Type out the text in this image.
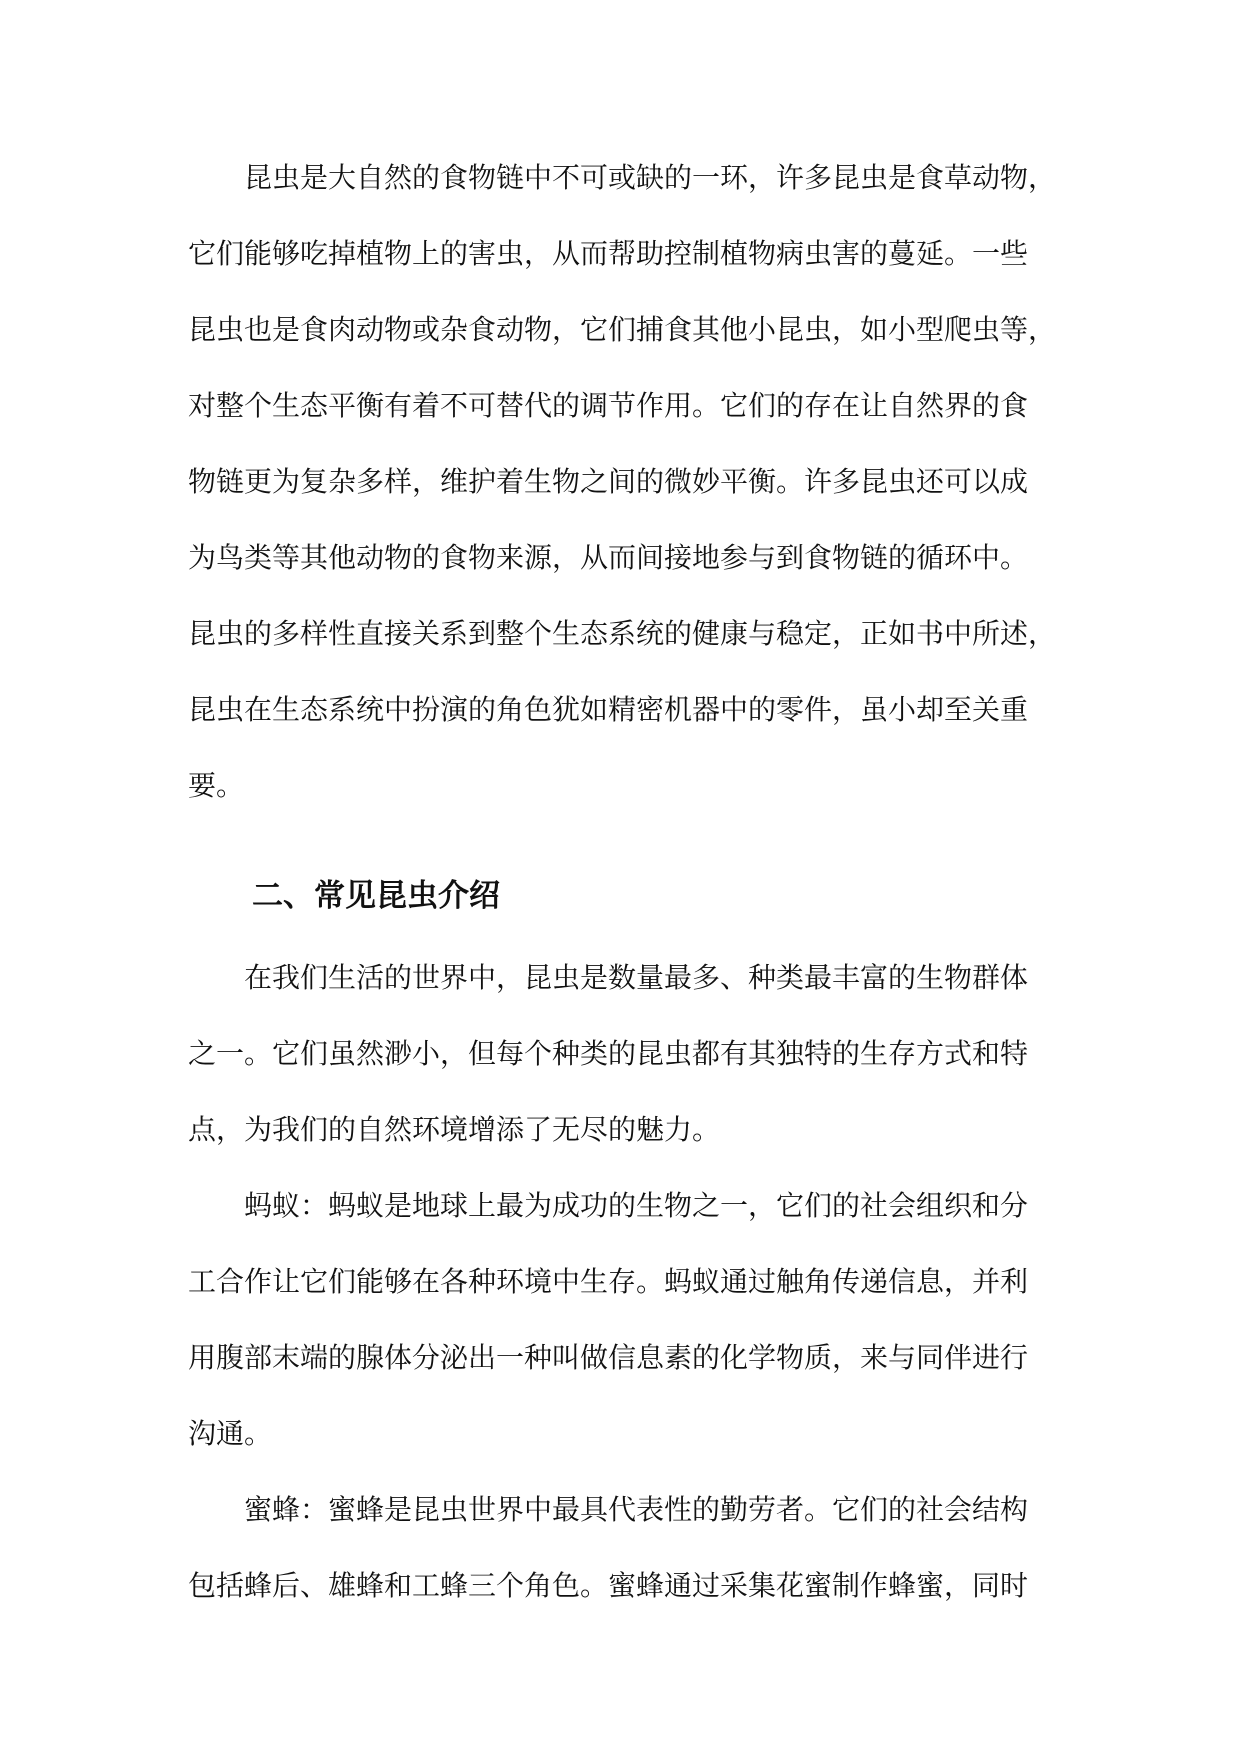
昆虫是大自然的食物链中不可或缺的一环，许多昆虫是食草动物，
它们能够吃掉植物上的害虫，从而帮助控制植物病虫害的蔓延。一些
昆虫也是食肉动物或杂食动物，它们捕食其他小昆虫，如小型爬虫等，
对整个生态平衡有着不可替代的调节作用。它们的存在让自然界的食
物链更为复杂多样，维护着生物之间的微妙平衡。许多昆虫还可以成
为鸟类等其他动物的食物来源，从而间接地参与到食物链的循环中。
昆虫的多样性直接关系到整个生态系统的健康与稳定，正如书中所述，
昆虫在生态系统中扮演的角色犹如精密机器中的零件，虽小却至关重
要。

二、常见昆虫介绍

在我们生活的世界中，昆虫是数量最多、种类最丰富的生物群体
之一。它们虽然渺小，但每个种类的昆虫都有其独特的生存方式和特
点，为我们的自然环境增添了无尽的魅力。

蚂蚁：蚂蚁是地球上最为成功的生物之一，它们的社会组织和分
工合作让它们能够在各种环境中生存。蚂蚁通过触角传递信息，并利
用腹部末端的腺体分泌出一种叫做信息素的化学物质，来与同伴进行
沟通。

蜜蜂：蜜蜂是昆虫世界中最具代表性的勤劳者。它们的社会结构
包括蜂后、雄蜂和工蜂三个角色。蜜蜂通过采集花蜜制作蜂蜜，同时
